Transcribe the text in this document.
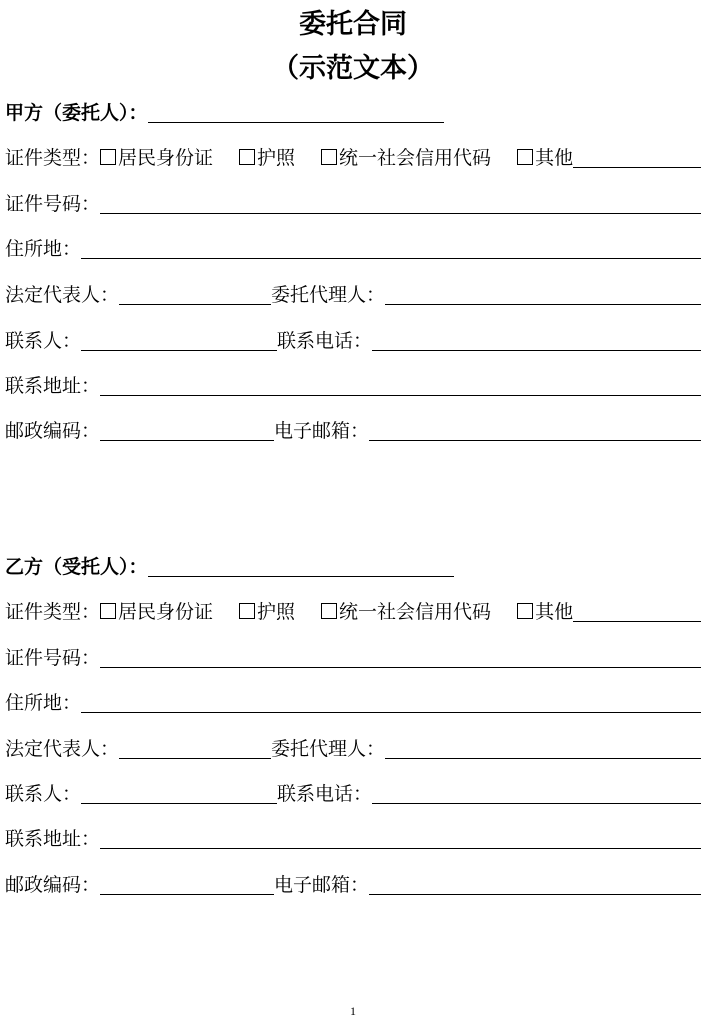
委托合同
（示范文本）
甲方（委托人）：
证件类型： 居民身份证 护照 统一社会信用代码 其他
证件号码：
住所地：
法定代表人：	委托代理人：
联系人：	联系电话：
联系地址：
邮政编码：	电子邮箱：
乙方（受托人）：
证件类型： 居民身份证 护照 统一社会信用代码 其他
证件号码：
住所地：
法定代表人：	委托代理人：
联系人：	联系电话：
联系地址：
邮政编码：	电子邮箱：
1
